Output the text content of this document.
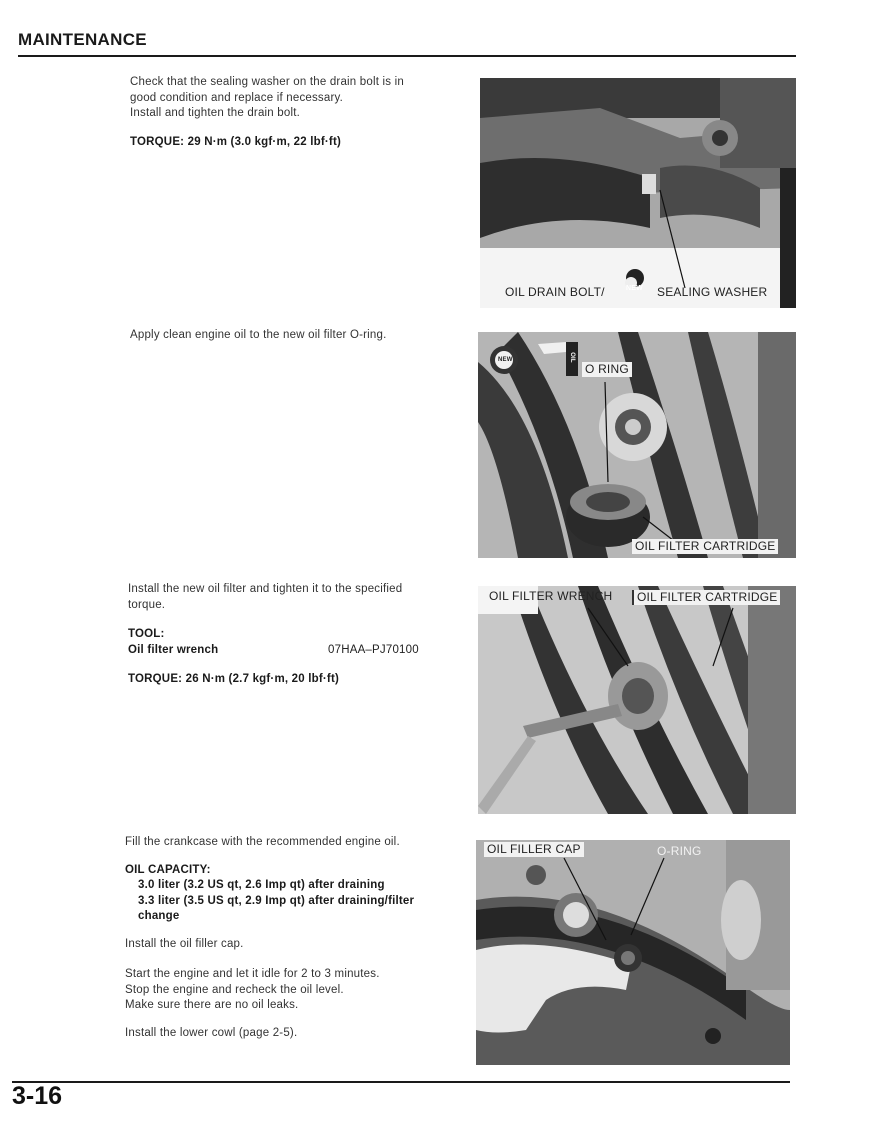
MAINTENANCE

Check that the sealing washer on the drain bolt is in

good condition and replace if necessary.

Install and tighten the drain bolt.

TORQUE: 29 N·m (3.0 kgf·m, 22 lbf·ft)

OIL DRAIN BOLT/	NEW SEALING WASHER
Apply clean engine oil to the new oil filter O-ring.
NEW	OIL
O RING
OIL FILTER CARTRIDGE

Install the new oil filter and tighten it to the specified

torque.

TOOL:

Oil filter wrench	07HAA–PJ70100

TORQUE: 26 N·m (2.7 kgf·m, 20 lbf·ft)

OIL FILTER WRENCH	OIL FILTER CARTRIDGE

Fill the crankcase with the recommended engine oil.

OIL CAPACITY:

3.0 liter (3.2 US qt, 2.6 Imp qt) after draining

3.3 liter (3.5 US qt, 2.9 Imp qt) after draining/filter

change

Install the oil filler cap.

Start the engine and let it idle for 2 to 3 minutes.

Stop the engine and recheck the oil level.

Make sure there are no oil leaks.

Install the lower cowl (page 2-5).

OIL FILLER CAP	O-RING
3-16
